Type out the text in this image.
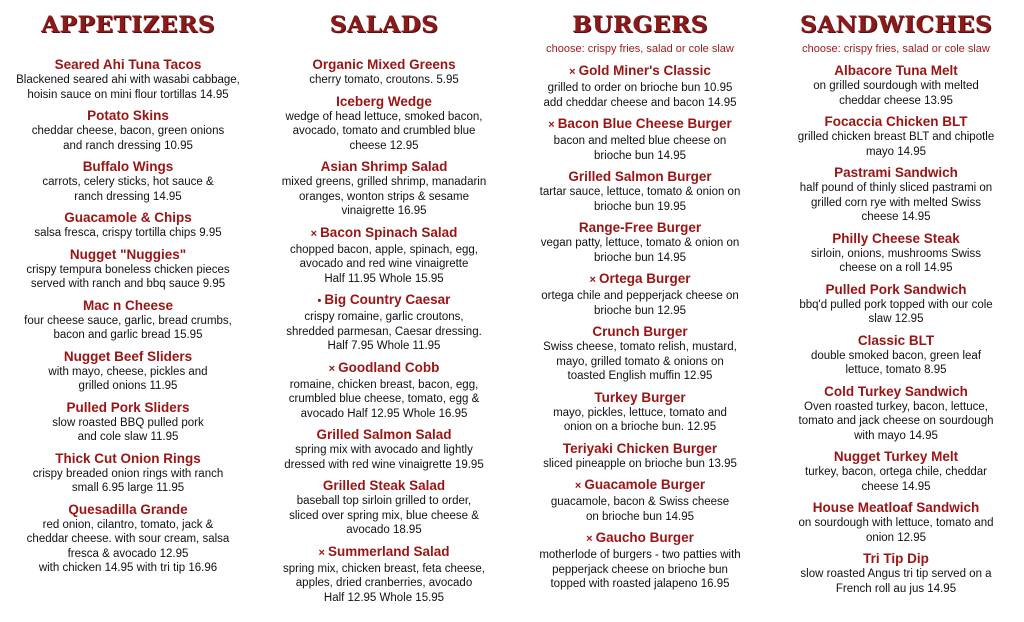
APPETIZERS
Seared Ahi Tuna Tacos
Blackened seared ahi with wasabi cabbage,
hoisin sauce on mini flour tortillas 14.95
Potato Skins
cheddar cheese, bacon, green onions
and ranch dressing 10.95
Buffalo Wings
carrots, celery sticks, hot sauce &
ranch dressing 14.95
Guacamole & Chips
salsa fresca, crispy tortilla chips 9.95
Nugget "Nuggies"
crispy tempura boneless chicken pieces
served with ranch and bbq sauce 9.95
Mac n Cheese
four cheese sauce, garlic, bread crumbs,
bacon and garlic bread 15.95
Nugget Beef Sliders
with mayo, cheese, pickles and
grilled onions 11.95
Pulled Pork Sliders
slow roasted BBQ pulled pork
and cole slaw 11.95
Thick Cut Onion Rings
crispy breaded onion rings with ranch
small 6.95 large 11.95
Quesadilla Grande
red onion, cilantro, tomato, jack &
cheddar cheese. with sour cream, salsa
fresca & avocado 12.95
with chicken 14.95 with tri tip 16.96
SALADS
Organic Mixed Greens
cherry tomato, croutons. 5.95
Iceberg Wedge
wedge of head lettuce, smoked bacon,
avocado, tomato and crumbled blue
cheese 12.95
Asian Shrimp Salad
mixed greens, grilled shrimp, manadarin
oranges, wonton strips & sesame
vinaigrette 16.95
× Bacon Spinach Salad
chopped bacon, apple, spinach, egg,
avocado and red wine vinaigrette
Half 11.95 Whole 15.95
• Big Country Caesar
crispy romaine, garlic croutons,
shredded parmesan, Caesar dressing.
Half 7.95 Whole 11.95
× Goodland Cobb
romaine, chicken breast, bacon, egg,
crumbled blue cheese, tomato, egg &
avocado Half 12.95 Whole 16.95
Grilled Salmon Salad
spring mix with avocado and lightly
dressed with red wine vinaigrette 19.95
Grilled Steak Salad
baseball top sirloin grilled to order,
sliced over spring mix, blue cheese &
avocado 18.95
× Summerland Salad
spring mix, chicken breast, feta cheese,
apples, dried cranberries, avocado
Half 12.95 Whole 15.95
BURGERS
choose: crispy fries, salad or cole slaw
× Gold Miner's Classic
grilled to order on brioche bun 10.95
add cheddar cheese and bacon 14.95
× Bacon Blue Cheese Burger
bacon and melted blue cheese on
brioche bun 14.95
Grilled Salmon Burger
tartar sauce, lettuce, tomato & onion on
brioche bun 19.95
Range-Free Burger
vegan patty, lettuce, tomato & onion on
brioche bun 14.95
× Ortega Burger
ortega chile and pepperjack cheese on
brioche bun 12.95
Crunch Burger
Swiss cheese, tomato relish, mustard,
mayo, grilled tomato & onions on
toasted English muffin 12.95
Turkey Burger
mayo, pickles, lettuce, tomato and
onion on a brioche bun. 12.95
Teriyaki Chicken Burger
sliced pineapple on brioche bun 13.95
× Guacamole Burger
guacamole, bacon & Swiss cheese
on brioche bun 14.95
× Gaucho Burger
motherlode of burgers - two patties with
pepperjack cheese on brioche bun
topped with roasted jalapeno 16.95
SANDWICHES
choose: crispy fries, salad or cole slaw
Albacore Tuna Melt
on grilled sourdough with melted
cheddar cheese 13.95
Focaccia Chicken BLT
grilled chicken breast BLT and chipotle
mayo 14.95
Pastrami Sandwich
half pound of thinly sliced pastrami on
grilled corn rye with melted Swiss
cheese 14.95
Philly Cheese Steak
sirloin, onions, mushrooms Swiss
cheese on a roll 14.95
Pulled Pork Sandwich
bbq'd pulled pork topped with our cole
slaw 12.95
Classic BLT
double smoked bacon, green leaf
lettuce, tomato 8.95
Cold Turkey Sandwich
Oven roasted turkey, bacon, lettuce,
tomato and jack cheese on sourdough
with mayo 14.95
Nugget Turkey Melt
turkey, bacon, ortega chile, cheddar
cheese 14.95
House Meatloaf Sandwich
on sourdough with lettuce, tomato and
onion 12.95
Tri Tip Dip
slow roasted Angus tri tip served on a
French roll au jus 14.95
